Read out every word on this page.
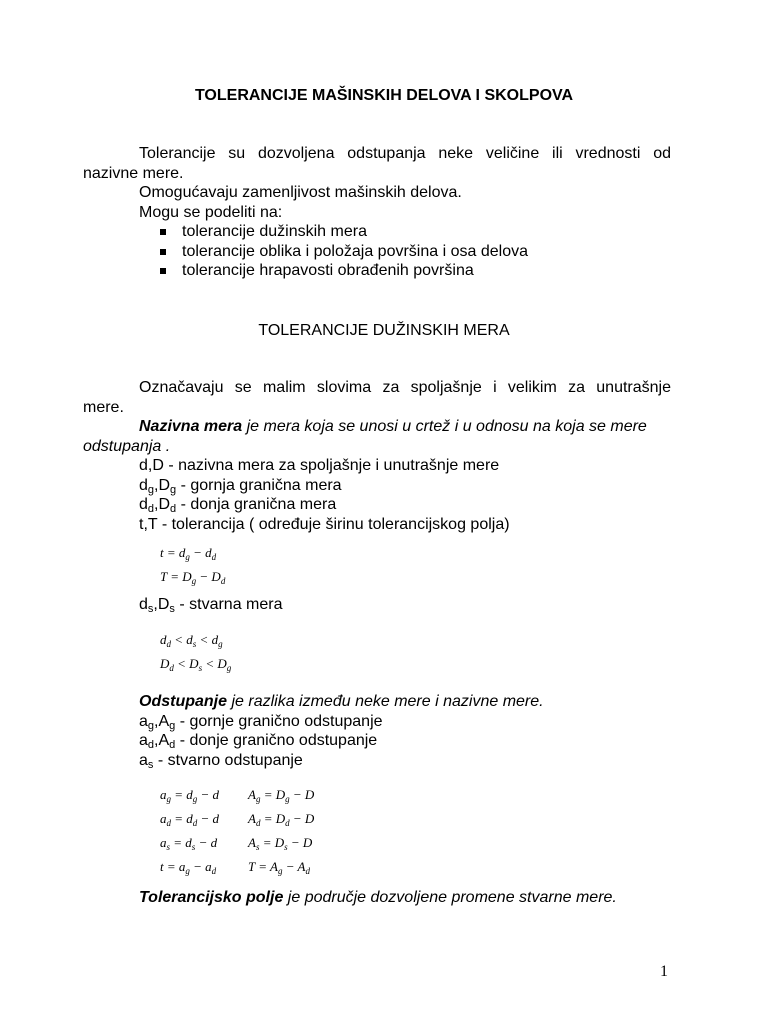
TOLERANCIJE MAŠINSKIH DELOVA I SKOLPOVA
Tolerancije su dozvoljena odstupanja neke veličine ili vrednosti od
nazivne mere.
Omogućavaju zamenljivost mašinskih delova.
Mogu se podeliti na:
tolerancije dužinskih mera
tolerancije oblika i položaja površina i osa delova
tolerancije hrapavosti obrađenih površina
TOLERANCIJE DUŽINSKIH MERA
Označavaju se malim slovima za spoljašnje i velikim za unutrašnje
mere.
Nazivna mera je mera koja se unosi u crtež i u odnosu na koja se mere
odstupanja .
d,D - nazivna mera za spoljašnje i unutrašnje mere
$d_g,D_g$ - gornja granična mera
$d_d,D_d$ - donja granična mera
t,T - tolerancija ( određuje širinu tolerancijskog polja)
$t = d_g - d_d$
$T = D_g - D_d$
$d_s,D_s$ - stvarna mera
$d_d < d_s < d_g$
$D_d < D_s < D_g$
Odstupanje je razlika između neke mere i nazivne mere.
$a_g,A_g$ - gornje granično odstupanje
$a_d,A_d$ - donje granično odstupanje
$a_s$ - stvarno odstupanje
$a_g = d_g - d$	$A_g = D_g - D$
$a_d = d_d - d$	$A_d = D_d - D$
$a_s = d_s - d$	$A_s = D_s - D$
$t = a_g - a_d$	$T = A_g - A_d$
Tolerancijsko polje je područje dozvoljene promene stvarne mere.
1
